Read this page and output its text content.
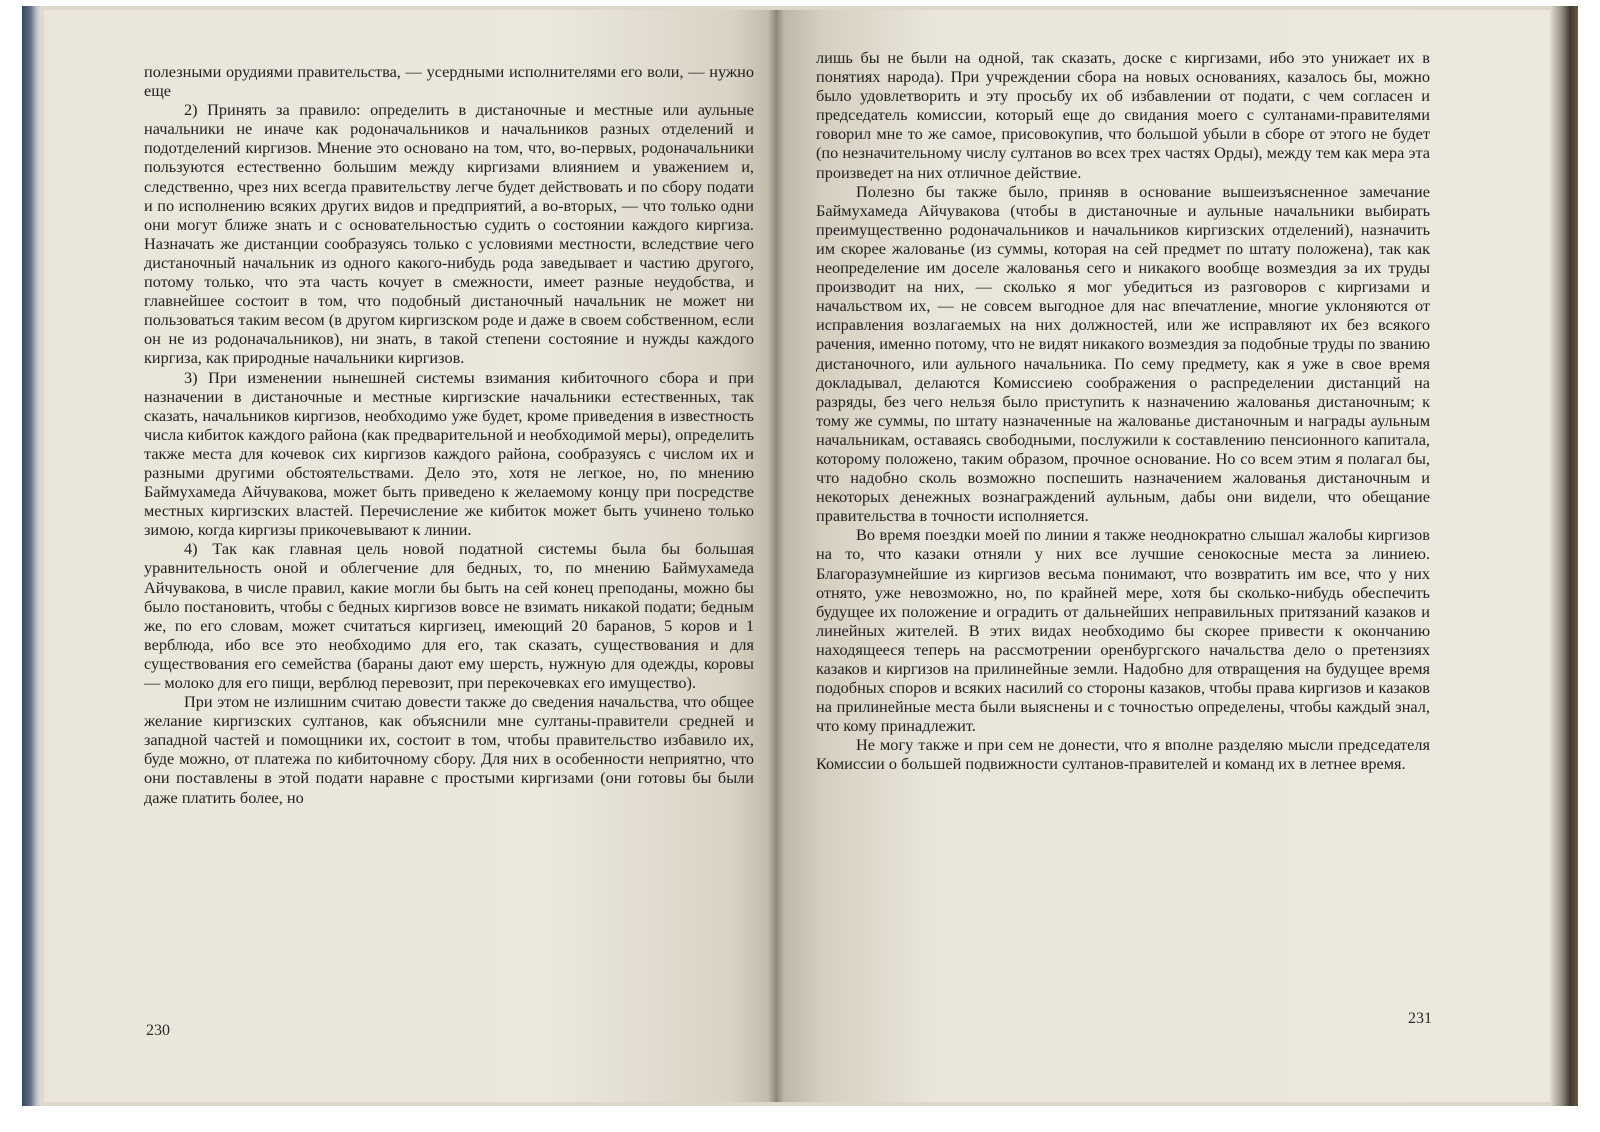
полезными орудиями правительства, — усердными исполнителями его воли, — нужно еще

2) Принять за правило: определить в дистаночные и местные или аульные начальники не иначе как родоначальников и начальников разных отделений и подотделений киргизов. Мнение это основано на том, что, во-первых, родоначальники пользуются естественно большим между киргизами влиянием и уважением и, следственно, чрез них всегда правительству легче будет действовать и по сбору подати и по исполнению всяких других видов и предприятий, а во-вторых, — что только одни они могут ближе знать и с основательностью судить о состоянии каждого киргиза. Назначать же дистанции сообразуясь только с условиями местности, вследствие чего дистаночный начальник из одного какого-нибудь рода заведывает и частию другого, потому только, что эта часть кочует в смежности, имеет разные неудобства, и главнейшее состоит в том, что подобный дистаночный начальник не может ни пользоваться таким весом (в другом киргизском роде и даже в своем собственном, если он не из родоначальников), ни знать, в такой степени состояние и нужды каждого киргиза, как природные начальники киргизов.

3) При изменении нынешней системы взимания кибиточного сбора и при назначении в дистаночные и местные киргизские начальники естественных, так сказать, начальников киргизов, необходимо уже будет, кроме приведения в известность числа кибиток каждого района (как предварительной и необходимой меры), определить также места для кочевок сих киргизов каждого района, сообразуясь с числом их и разными другими обстоятельствами. Дело это, хотя не легкое, но, по мнению Баймухамеда Айчувакова, может быть приведено к желаемому концу при посредстве местных киргизских властей. Перечисление же кибиток может быть учинено только зимою, когда киргизы прикочевывают к линии.

4) Так как главная цель новой податной системы была бы большая уравнительность оной и облегчение для бедных, то, по мнению Баймухамеда Айчувакова, в числе правил, какие могли бы быть на сей конец преподаны, можно бы было постановить, чтобы с бедных киргизов вовсе не взимать никакой подати; бедным же, по его словам, может считаться киргизец, имеющий 20 баранов, 5 коров и 1 верблюда, ибо все это необходимо для его, так сказать, существования и для существования его семейства (бараны дают ему шерсть, нужную для одежды, коровы — молоко для его пищи, верблюд перевозит, при перекочевках его имущество).

При этом не излишним считаю довести также до сведения начальства, что общее желание киргизских султанов, как объяснили мне султаны-правители средней и западной частей и помощники их, состоит в том, чтобы правительство избавило их, буде можно, от платежа по кибиточному сбору. Для них в особенности неприятно, что они поставлены в этой подати наравне с простыми киргизами (они готовы бы были даже платить более, но

230

лишь бы не были на одной, так сказать, доске с киргизами, ибо это унижает их в понятиях народа). При учреждении сбора на новых основаниях, казалось бы, можно было удовлетворить и эту просьбу их об избавлении от подати, с чем согласен и председатель комиссии, который еще до свидания моего с султанами-правителями говорил мне то же самое, присовокупив, что большой убыли в сборе от этого не будет (по незначительному числу султанов во всех трех частях Орды), между тем как мера эта произведет на них отличное действие.

Полезно бы также было, приняв в основание вышеизъясненное замечание Баймухамеда Айчувакова (чтобы в дистаночные и аульные начальники выбирать преимущественно родоначальников и начальников киргизских отделений), назначить им скорее жалованье (из суммы, которая на сей предмет по штату положена), так как неопределение им доселе жалованья сего и никакого вообще возмездия за их труды производит на них, — сколько я мог убедиться из разговоров с киргизами и начальством их, — не совсем выгодное для нас впечатление, многие уклоняются от исправления возлагаемых на них должностей, или же исправляют их без всякого рачения, именно потому, что не видят никакого возмездия за подобные труды по званию дистаночного, или аульного начальника. По сему предмету, как я уже в свое время докладывал, делаются Комиссиею соображения о распределении дистанций на разряды, без чего нельзя было приступить к назначению жалованья дистаночным; к тому же суммы, по штату назначенные на жалованье дистаночным и награды аульным начальникам, оставаясь свободными, послужили к составлению пенсионного капитала, которому положено, таким образом, прочное основание. Но со всем этим я полагал бы, что надобно сколь возможно поспешить назначением жалованья дистаночным и некоторых денежных вознаграждений аульным, дабы они видели, что обещание правительства в точности исполняется.

Во время поездки моей по линии я также неоднократно слышал жалобы киргизов на то, что казаки отняли у них все лучшие сенокосные места за линиею. Благоразумнейшие из киргизов весьма понимают, что возвратить им все, что у них отнято, уже невозможно, но, по крайней мере, хотя бы сколько-нибудь обеспечить будущее их положение и оградить от дальнейших неправильных притязаний казаков и линейных жителей. В этих видах необходимо бы скорее привести к окончанию находящееся теперь на рассмотрении оренбургского начальства дело о претензиях казаков и киргизов на прилинейные земли. Надобно для отвращения на будущее время подобных споров и всяких насилий со стороны казаков, чтобы права киргизов и казаков на прилинейные места были выяснены и с точностью определены, чтобы каждый знал, что кому принадлежит.

Не могу также и при сем не донести, что я вполне разделяю мысли председателя Комиссии о большей подвижности султанов-правителей и команд их в летнее время.

231
